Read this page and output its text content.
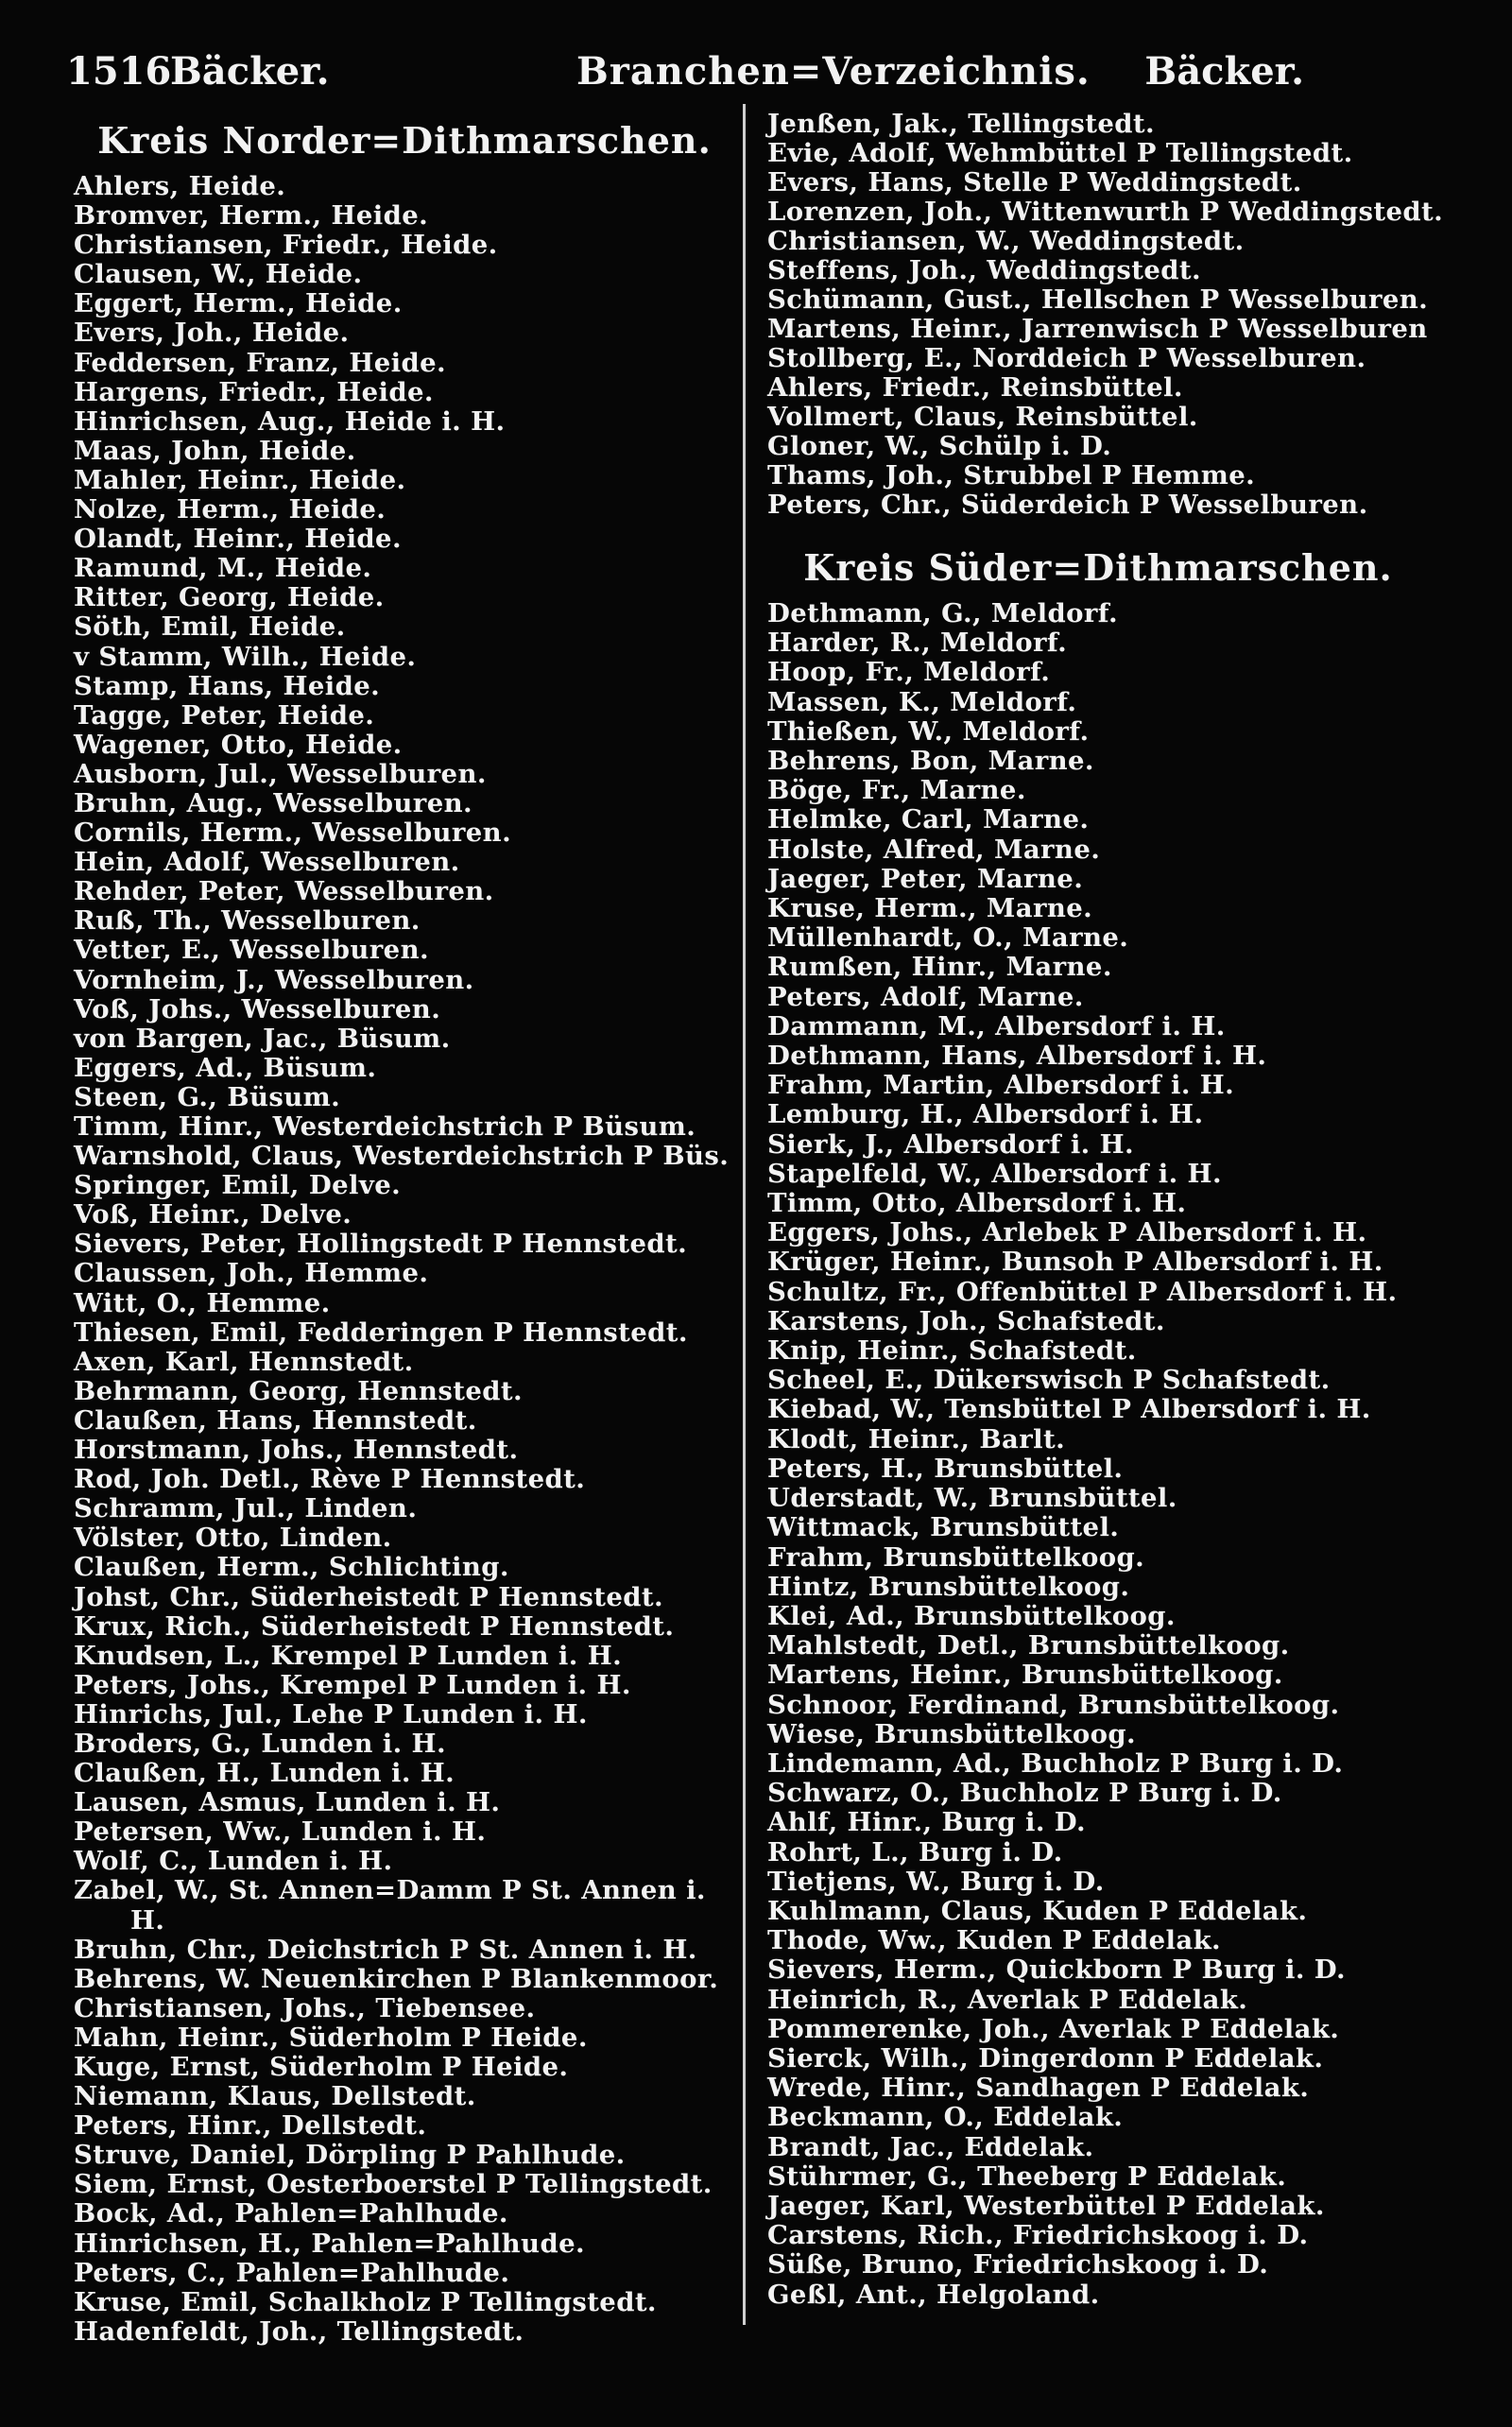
1516
Bäcker.	Branchen=Verzeichnis. Bäcker.
Kreis Norder=Dithmarschen.
Ahlers, Heide.
Bromver, Herm., Heide.
Christiansen, Friedr., Heide.
Clausen, W., Heide.
Eggert, Herm., Heide.
Evers, Joh., Heide.
Feddersen, Franz, Heide.
Hargens, Friedr., Heide.
Hinrichsen, Aug., Heide i. H.
Maas, John, Heide.
Mahler, Heinr., Heide.
Nolze, Herm., Heide.
Olandt, Heinr., Heide.
Ramund, M., Heide.
Ritter, Georg, Heide.
Söth, Emil, Heide.
v Stamm, Wilh., Heide.
Stamp, Hans, Heide.
Tagge, Peter, Heide.
Wagener, Otto, Heide.
Ausborn, Jul., Wesselburen.
Bruhn, Aug., Wesselburen.
Cornils, Herm., Wesselburen.
Hein, Adolf, Wesselburen.
Rehder, Peter, Wesselburen.
Ruß, Th., Wesselburen.
Vetter, E., Wesselburen.
Vornheim, J., Wesselburen.
Voß, Johs., Wesselburen.
von Bargen, Jac., Büsum.
Eggers, Ad., Büsum.
Steen, G., Büsum.
Timm, Hinr., Westerdeichstrich P Büsum.
Warnshold, Claus, Westerdeichstrich P Büs.
Springer, Emil, Delve.
Voß, Heinr., Delve.
Sievers, Peter, Hollingstedt P Hennstedt.
Claussen, Joh., Hemme.
Witt, O., Hemme.
Thiesen, Emil, Fedderingen P Hennstedt.
Axen, Karl, Hennstedt.
Behrmann, Georg, Hennstedt.
Claußen, Hans, Hennstedt.
Horstmann, Johs., Hennstedt.
Rod, Joh. Detl., Rève P Hennstedt.
Schramm, Jul., Linden.
Völster, Otto, Linden.
Claußen, Herm., Schlichting.
Johst, Chr., Süderheistedt P Hennstedt.
Krux, Rich., Süderheistedt P Hennstedt.
Knudsen, L., Krempel P Lunden i. H.
Peters, Johs., Krempel P Lunden i. H.
Hinrichs, Jul., Lehe P Lunden i. H.
Broders, G., Lunden i. H.
Claußen, H., Lunden i. H.
Lausen, Asmus, Lunden i. H.
Petersen, Ww., Lunden i. H.
Wolf, C., Lunden i. H.
Zabel, W., St. Annen=Damm P St. Annen i. H.
Bruhn, Chr., Deichstrich P St. Annen i. H.
Behrens, W. Neuenkirchen P Blankenmoor.
Christiansen, Johs., Tiebensee.
Mahn, Heinr., Süderholm P Heide.
Kuge, Ernst, Süderholm P Heide.
Niemann, Klaus, Dellstedt.
Peters, Hinr., Dellstedt.
Struve, Daniel, Dörpling P Pahlhude.
Siem, Ernst, Oesterboerstel P Tellingstedt.
Bock, Ad., Pahlen=Pahlhude.
Hinrichsen, H., Pahlen=Pahlhude.
Peters, C., Pahlen=Pahlhude.
Kruse, Emil, Schalkholz P Tellingstedt.
Hadenfeldt, Joh., Tellingstedt.
Jenßen, Jak., Tellingstedt.
Evie, Adolf, Wehmbüttel P Tellingstedt.
Evers, Hans, Stelle P Weddingstedt.
Lorenzen, Joh., Wittenwurth P Weddingstedt.
Christiansen, W., Weddingstedt.
Steffens, Joh., Weddingstedt.
Schümann, Gust., Hellschen P Wesselburen.
Martens, Heinr., Jarrenwisch P Wesselburen
Stollberg, E., Norddeich P Wesselburen.
Ahlers, Friedr., Reinsbüttel.
Vollmert, Claus, Reinsbüttel.
Gloner, W., Schülp i. D.
Thams, Joh., Strubbel P Hemme.
Peters, Chr., Süderdeich P Wesselburen.
Kreis Süder=Dithmarschen.
Dethmann, G., Meldorf.
Harder, R., Meldorf.
Hoop, Fr., Meldorf.
Massen, K., Meldorf.
Thießen, W., Meldorf.
Behrens, Bon, Marne.
Böge, Fr., Marne.
Helmke, Carl, Marne.
Holste, Alfred, Marne.
Jaeger, Peter, Marne.
Kruse, Herm., Marne.
Müllenhardt, O., Marne.
Rumßen, Hinr., Marne.
Peters, Adolf, Marne.
Dammann, M., Albersdorf i. H.
Dethmann, Hans, Albersdorf i. H.
Frahm, Martin, Albersdorf i. H.
Lemburg, H., Albersdorf i. H.
Sierk, J., Albersdorf i. H.
Stapelfeld, W., Albersdorf i. H.
Timm, Otto, Albersdorf i. H.
Eggers, Johs., Arlebek P Albersdorf i. H.
Krüger, Heinr., Bunsoh P Albersdorf i. H.
Schultz, Fr., Offenbüttel P Albersdorf i. H.
Karstens, Joh., Schafstedt.
Knip, Heinr., Schafstedt.
Scheel, E., Dükerswisch P Schafstedt.
Kiebad, W., Tensbüttel P Albersdorf i. H.
Klodt, Heinr., Barlt.
Peters, H., Brunsbüttel.
Uderstadt, W., Brunsbüttel.
Wittmack, Brunsbüttel.
Frahm, Brunsbüttelkoog.
Hintz, Brunsbüttelkoog.
Klei, Ad., Brunsbüttelkoog.
Mahlstedt, Detl., Brunsbüttelkoog.
Martens, Heinr., Brunsbüttelkoog.
Schnoor, Ferdinand, Brunsbüttelkoog.
Wiese, Brunsbüttelkoog.
Lindemann, Ad., Buchholz P Burg i. D.
Schwarz, O., Buchholz P Burg i. D.
Ahlf, Hinr., Burg i. D.
Rohrt, L., Burg i. D.
Tietjens, W., Burg i. D.
Kuhlmann, Claus, Kuden P Eddelak.
Thode, Ww., Kuden P Eddelak.
Sievers, Herm., Quickborn P Burg i. D.
Heinrich, R., Averlak P Eddelak.
Pommerenke, Joh., Averlak P Eddelak.
Sierck, Wilh., Dingerdonn P Eddelak.
Wrede, Hinr., Sandhagen P Eddelak.
Beckmann, O., Eddelak.
Brandt, Jac., Eddelak.
Stührmer, G., Theeberg P Eddelak.
Jaeger, Karl, Westerbüttel P Eddelak.
Carstens, Rich., Friedrichskoog i. D.
Süße, Bruno, Friedrichskoog i. D.
Geßl, Ant., Helgoland.
